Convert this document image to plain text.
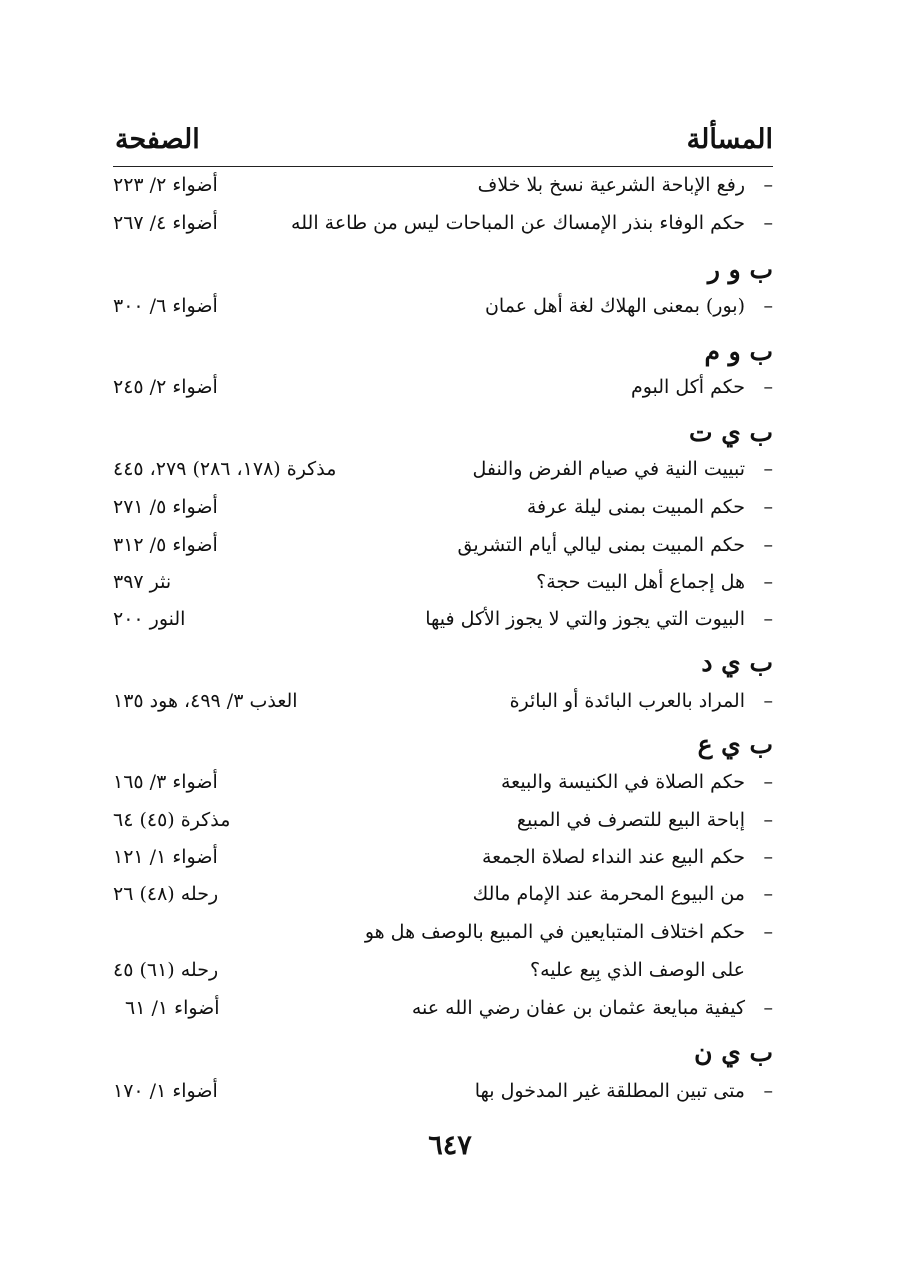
المسألة
الصفحة
–
رفع الإباحة الشرعية نسخ بلا خلاف
أضواء ٢/ ٢٢٣
–
حكم الوفاء بنذر الإمساك عن المباحات ليس من طاعة الله
أضواء ٤/ ٢٦٧
ب و ر
–
(بور) بمعنى الهلاك لغة أهل عمان
أضواء ٦/ ٣٠٠
ب و م
–
حكم أكل البوم
أضواء ٢/ ٢٤٥
ب ي ت
–
تبييت النية في صيام الفرض والنفل
مذكرة (١٧٨، ٢٨٦) ٢٧٩، ٤٤٥
–
حكم المبيت بمنى ليلة عرفة
أضواء ٥/ ٢٧١
–
حكم المبيت بمنى ليالي أيام التشريق
أضواء ٥/ ٣١٢
–
هل إجماع أهل البيت حجة؟
نثر ٣٩٧
–
البيوت التي يجوز والتي لا يجوز الأكل فيها
النور ٢٠٠
ب ي د
–
المراد بالعرب البائدة أو البائرة
العذب ٣/ ٤٩٩، هود ١٣٥
ب ي ع
–
حكم الصلاة في الكنيسة والبيعة
أضواء ٣/ ١٦٥
–
إباحة البيع للتصرف في المبيع
مذكرة (٤٥) ٦٤
–
حكم البيع عند النداء لصلاة الجمعة
أضواء ١/ ١٢١
–
من البيوع المحرمة عند الإمام مالك
رحله (٤٨) ٢٦
–
حكم اختلاف المتبايعين في المبيع بالوصف هل هو
على الوصف الذي بِيع عليه؟
رحله (٦١) ٤٥
–
كيفية مبايعة عثمان بن عفان رضي الله عنه
أضواء ١/ ٦١
ب ي ن
–
متى تبين المطلقة غير المدخول بها
أضواء ١/ ١٧٠
٦٤٧
